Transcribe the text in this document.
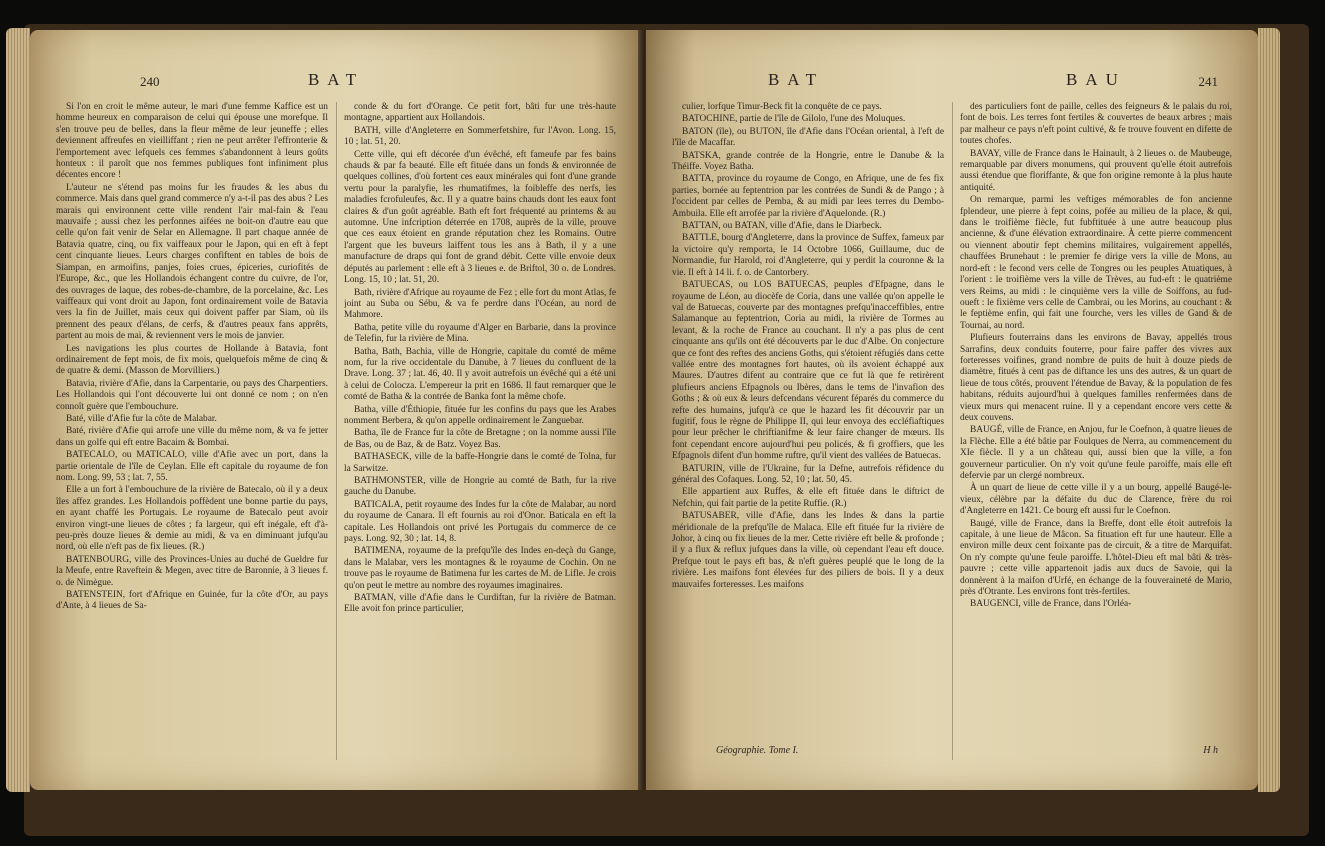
240	BAT

Si l'on en croit le même auteur, le mari d'une femme Kaffice est un homme heureux en comparaison de celui qui épouse une morefque. Il s'en trouve peu de belles, dans la fleur même de leur jeuneffe ; elles deviennent affreufes en vieilliffant ; rien ne peut arrêter l'effronterie & l'emportement avec lefquels ces femmes s'abandonnent à leurs goûts honteux : il paroît que nos femmes publiques font infiniment plus décentes encore !

L'auteur ne s'étend pas moins fur les fraudes & les abus du commerce. Mais dans quel grand commerce n'y a-t-il pas des abus ? Les marais qui environnent cette ville rendent l'air mal-fain & l'eau mauvaife ; aussi chez les perfonnes aifées ne boit-on d'autre eau que celle qu'on fait venir de Selar en Allemagne. Il part chaque année de Batavia quatre, cinq, ou fix vaiffeaux pour le Japon, qui en eft à fept cent cinquante lieues. Leurs charges confiftent en tables de bois de Siampan, en armoifins, panjes, foies crues, épiceries, curiofités de l'Europe, &c., que les Hollandois échangent contre du cuivre, de l'or, des ouvrages de laque, des robes-de-chambre, de la porcelaine, &c. Les vaiffeaux qui vont droit au Japon, font ordinairement voile de Batavia vers la fin de Juillet, mais ceux qui doivent paffer par Siam, où ils prennent des peaux d'élans, de cerfs, & d'autres peaux fans apprêts, partent au mois de mai, & reviennent vers le mois de janvier.

Les navigations les plus courtes de Hollande à Batavia, font ordinairement de fept mois, de fix mois, quelquefois même de cinq & de quatre & demi. (Masson de Morvilliers.)

Batavia, rivière d'Afie, dans la Carpentarie, ou pays des Charpentiers. Les Hollandois qui l'ont découverte lui ont donné ce nom ; on n'en connoît guère que l'embouchure.

Baté, ville d'Afie fur la côte de Malabar.

Baté, rivière d'Afie qui arrofe une ville du même nom, & va fe jetter dans un golfe qui eft entre Bacaim & Bombai.

BATECALO, ou MATICALO, ville d'Afie avec un port, dans la partie orientale de l'île de Ceylan. Elle eft capitale du royaume de fon nom. Long. 99, 53 ; lat. 7, 55.

Elle a un fort à l'embouchure de la rivière de Batecalo, où il y a deux îles affez grandes. Les Hollandois poffèdent une bonne partie du pays, en ayant chaffé les Portugais. Le royaume de Batecalo peut avoir environ vingt-une lieues de côtes ; fa largeur, qui eft inégale, eft d'à-peu-près douze lieues & demie au midi, & va en diminuant jufqu'au nord, où elle n'eft pas de fix lieues. (R.)

BATENBOURG, ville des Provinces-Unies au duché de Gueldre fur la Meufe, entre Raveftein & Megen, avec titre de Baronnie, à 3 lieues f. o. de Nimègue.

BATENSTEIN, fort d'Afrique en Guinée, fur la côte d'Or, au pays d'Ante, à 4 lieues de Sa-

conde & du fort d'Orange. Ce petit fort, bâti fur une très-haute montagne, appartient aux Hollandois.

BATH, ville d'Angleterre en Sommerfetshire, fur l'Avon. Long. 15, 10 ; lat. 51, 20.

Cette ville, qui eft décorée d'un évêché, eft fameufe par fes bains chauds & par fa beauté. Elle eft fituée dans un fonds & environnée de quelques collines, d'où fortent ces eaux minérales qui font d'une grande vertu pour la paralyfie, les rhumatifmes, la foibleffe des nerfs, les maladies fcrofuleufes, &c. Il y a quatre bains chauds dont les eaux font claires & d'un goût agréable. Bath eft fort fréquenté au printems & au automne. Une infcription déterrée en 1708, auprès de la ville, prouve que ces eaux étoient en grande réputation chez les Romains. Outre l'argent que les buveurs laiffent tous les ans à Bath, il y a une manufacture de draps qui font de grand débit. Cette ville envoie deux députés au parlement : elle eft à 3 lieues e. de Briftol, 30 o. de Londres. Long. 15, 10 ; lat. 51, 20.

Bath, rivière d'Afrique au royaume de Fez ; elle fort du mont Atlas, fe joint au Suba ou Sébu, & va fe perdre dans l'Océan, au nord de Mahmore.

Batha, petite ville du royaume d'Alger en Barbarie, dans la province de Telefin, fur la rivière de Mina.

Batha, Bath, Bachia, ville de Hongrie, capitale du comté de même nom, fur la rive occidentale du Danube, à 7 lieues du confluent de la Drave. Long. 37 ; lat. 46, 40. Il y avoit autrefois un évêché qui a été uni à celui de Colocza. L'empereur la prit en 1686. Il faut remarquer que le comté de Batha & la contrée de Banka font la même chofe.

Batha, ville d'Éthiopie, fituée fur les confins du pays que les Arabes nomment Berbera, & qu'on appelle ordinairement le Zanguebar.

Batha, île de France fur la côte de Bretagne ; on la nomme aussi l'île de Bas, ou de Baz, & de Batz. Voyez Bas.

BATHASECK, ville de la baffe-Hongrie dans le comté de Tolna, fur la Sarwitze.

BATHMONSTER, ville de Hongrie au comté de Bath, fur la rive gauche du Danube.

BATICALA, petit royaume des Indes fur la côte de Malabar, au nord du royaume de Canara. Il eft fournis au roi d'Onor. Baticala en eft la capitale. Les Hollandois ont privé les Portugais du commerce de ce pays. Long. 92, 30 ; lat. 14, 8.

BATIMENA, royaume de la prefqu'île des Indes en-deçà du Gange, dans le Malabar, vers les montagnes & le royaume de Cochin. On ne trouve pas le royaume de Batimena fur les cartes de M. de Lifle. Je crois qu'on peut le mettre au nombre des royaumes imaginaires.

BATMAN, ville d'Afie dans le Curdiftan, fur la rivière de Batman. Elle avoit fon prince particulier,

BAT	BAU	241

culier, lorfque Timur-Beck fit la conquête de ce pays.

BATOCHINE, partie de l'île de Gilolo, l'une des Moluques.

BATON (île), ou BUTON, île d'Afie dans l'Océan oriental, à l'eft de l'île de Macaffar.

BATSKA, grande contrée de la Hongrie, entre le Danube & la Théiffe. Voyez Batha.

BATTA, province du royaume de Congo, en Afrique, une de fes fix parties, bornée au feptentrion par les contrées de Sundi & de Pango ; à l'occident par celles de Pemba, & au midi par lees terres du Dembo-Ambuila. Elle eft arrofée par la rivière d'Aquelonde. (R.)

BATTAN, ou BATAN, ville d'Afie, dans le Diarbeck.

BATTLE, bourg d'Angleterre, dans la province de Suffex, fameux par la victoire qu'y remporta, le 14 Octobre 1066, Guillaume, duc de Normandie, fur Harold, roi d'Angleterre, qui y perdit la couronne & la vie. Il eft à 14 li. f. o. de Cantorbery.

BATUECAS, ou LOS BATUECAS, peuples d'Efpagne, dans le royaume de Léon, au diocèfe de Coria, dans une vallée qu'on appelle le val de Batuecas, couverte par des montagnes prefqu'inacceffibles, entre Salamanque au feptentrion, Coria au midi, la rivière de Tormes au levant, & la roche de France au couchant. Il n'y a pas plus de cent cinquante ans qu'ils ont été découverts par le duc d'Albe. On conjecture que ce font des reftes des anciens Goths, qui s'étoient réfugiés dans cette vallée entre des montagnes fort hautes, où ils avoient échappé aux Maures. D'autres difent au contraire que ce fut là que fe retirèrent plufieurs anciens Efpagnols ou Ibères, dans le tems de l'invafion des Goths ; & où eux & leurs defcendans vécurent féparés du commerce du refte des humains, jufqu'à ce que le hazard les fit découvrir par un fugitif, fous le règne de Philippe II, qui leur envoya des eccléfiaftiques pour leur prêcher le chriftianifme & leur faire changer de mœurs. Ils font cependant encore aujourd'hui peu policés, & fi groffiers, que les Efpagnols difent d'un homme ruftre, qu'il vient des vallées de Batuecas.

BATURIN, ville de l'Ukraine, fur la Defne, autrefois réfidence du général des Cofaques. Long. 52, 10 ; lat. 50, 45.

Elle appartient aux Ruffes, & elle eft fituée dans le diftrict de Nefchin, qui fait partie de la petite Ruffie. (R.)

BATUSABER, ville d'Afie, dans les Indes & dans la partie méridionale de la prefqu'île de Malaca. Elle eft fituée fur la rivière de Johor, à cinq ou fix lieues de la mer. Cette rivière eft belle & profonde ; il y a flux & reflux jufques dans la ville, où cependant l'eau eft douce. Prefque tout le pays eft bas, & n'eft guères peuplé que le long de la rivière. Les maifons font élevées fur des piliers de bois. Il y a deux mauvaifes forteresses. Les maifons

des particuliers font de paille, celles des feigneurs & le palais du roi, font de bois. Les terres font fertiles & couvertes de beaux arbres ; mais par malheur ce pays n'eft point cultivé, & fe trouve fouvent en difette de toutes chofes.

BAVAY, ville de France dans le Hainault, à 2 lieues o. de Maubeuge, remarquable par divers monumens, qui prouvent qu'elle étoit autrefois aussi étendue que floriffante, & que fon origine remonte à la plus haute antiquité.

On remarque, parmi les veftiges mémorables de fon ancienne fplendeur, une pierre à fept coins, pofée au milieu de la place, & qui, dans le troifième fiècle, fut fubftituée à une autre beaucoup plus ancienne, & d'une élévation extraordinaire. À cette pierre commencent ou viennent aboutir fept chemins militaires, vulgairement appellés, chauffées Brunehaut : le premier fe dirige vers la ville de Mons, au nord-eft : le fecond vers celle de Tongres ou les peuples Atuatiques, à l'orient : le troifième vers la ville de Trèves, au fud-eft : le quatrième vers Reims, au midi : le cinquième vers la ville de Soiffons, au fud-oueft : le fixième vers celle de Cambrai, ou les Morins, au couchant : & le feptième enfin, qui fait une fourche, vers les villes de Gand & de Tournai, au nord.

Plufieurs fouterrains dans les environs de Bavay, appellés trous Sarrafins, deux conduits fouterre, pour faire paffer des vivres aux forteresses voifines, grand nombre de puits de huit à douze pieds de diamètre, fitués à cent pas de diftance les uns des autres, & un quart de lieue de tous côtés, prouvent l'étendue de Bavay, & la population de fes habitans, réduits aujourd'hui à quelques familles renfermées dans de vieux murs qui menacent ruine. Il y a cependant encore vers cette & deux couvens.

BAUGÉ, ville de France, en Anjou, fur le Coefnon, à quatre lieues de la Flèche. Elle a été bâtie par Foulques de Nerra, au commencement du XIe fiècle. Il y a un château qui, aussi bien que la ville, a fon gouverneur particulier. On n'y voit qu'une feule paroiffe, mais elle eft defervie par un clergé nombreux.

À un quart de lieue de cette ville il y a un bourg, appellé Baugé-le-vieux, célèbre par la défaite du duc de Clarence, frère du roi d'Angleterre en 1421. Ce bourg eft aussi fur le Coefnon.

Baugé, ville de France, dans la Breffe, dont elle étoit autrefois la capitale, à une lieue de Mâcon. Sa fituation eft fur une hauteur. Elle a environ mille deux cent foixante pas de circuit, & a titre de Marquifat. On n'y compte qu'une feule paroiffe. L'hôtel-Dieu eft mal bâti & très-pauvre ; cette ville appartenoit jadis aux ducs de Savoie, qui la donnèrent à la maifon d'Urfé, en échange de la fouveraineté de Mario, près d'Otrante. Les environs font très-fertiles.

BAUGENCI, ville de France, dans l'Orléa-

Géographie. Tome I.	H h
